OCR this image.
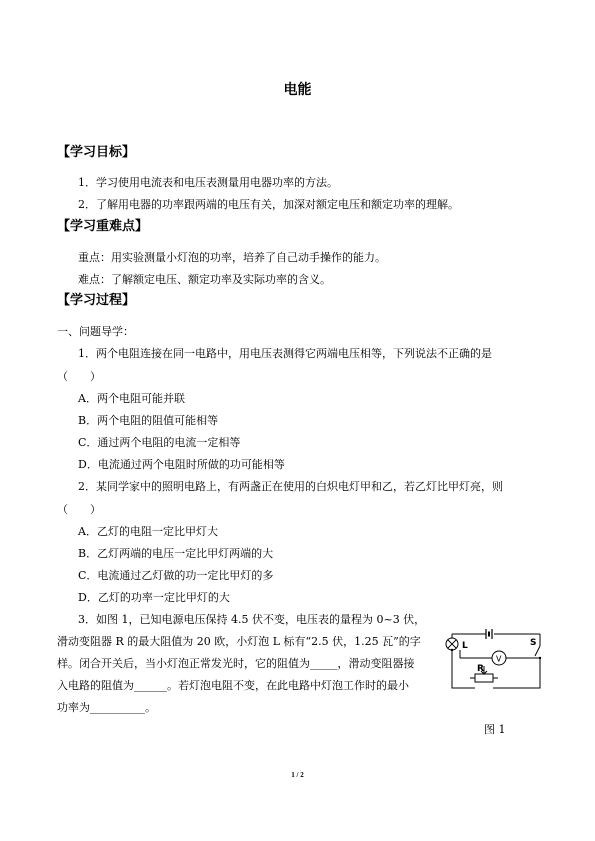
电能
【学习目标】
1．学习使用电流表和电压表测量用电器功率的方法。
2．了解用电器的功率跟两端的电压有关，加深对额定电压和额定功率的理解。
【学习重难点】
重点：用实验测量小灯泡的功率，培养了自己动手操作的能力。
难点：了解额定电压、额定功率及实际功率的含义。
【学习过程】
一、问题导学：
1．两个电阻连接在同一电路中，用电压表测得它两端电压相等，下列说法不正确的是
（　　）
A．两个电阻可能并联
B．两个电阻的阻值可能相等
C．通过两个电阻的电流一定相等
D．电流通过两个电阻时所做的功可能相等
2．某同学家中的照明电路上，有两盏正在使用的白炽电灯甲和乙，若乙灯比甲灯亮，则
（　　）
A．乙灯的电阻一定比甲灯大
B．乙灯两端的电压一定比甲灯两端的大
C．电流通过乙灯做的功一定比甲灯的多
D．乙灯的功率一定比甲灯的大
3．如图 1，已知电源电压保持 4.5 伏不变，电压表的量程为 0~3 伏，
滑动变阻器 R 的最大阻值为 20 欧，小灯泡 L 标有“2.5 伏，1.25 瓦”的字
样。闭合开关后，当小灯泡正常发光时，它的阻值为_____，滑动变阻器接
入电路的阻值为______。若灯泡电阻不变，在此电路中灯泡工作时的最小
功率为__________。
L	S
V
R
图 1
1 / 2
